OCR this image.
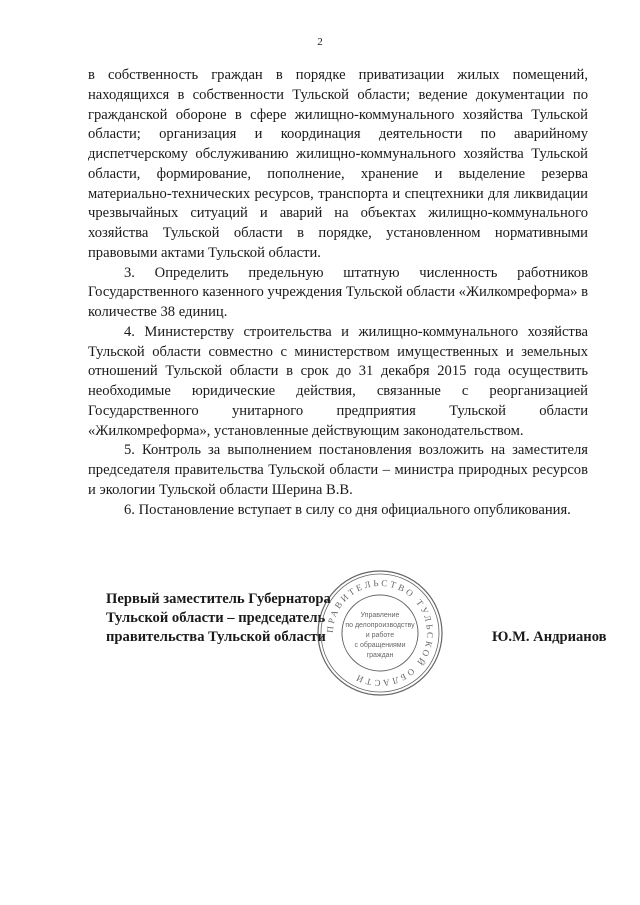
2

в собственность граждан в порядке приватизации жилых помещений, находящихся в собственности Тульской области; ведение документации по гражданской обороне в сфере жилищно-коммунального хозяйства Тульской области; организация и координация деятельности по аварийному диспетчерскому обслуживанию жилищно-коммунального хозяйства Тульской области, формирование, пополнение, хранение и выделение резерва материально-технических ресурсов, транспорта и спецтехники для ликвидации чрезвычайных ситуаций и аварий на объектах жилищно-коммунального хозяйства Тульской области в порядке, установленном нормативными правовыми актами Тульской области.

3. Определить предельную штатную численность работников Государственного казенного учреждения Тульской области «Жилкомреформа» в количестве 38 единиц.

4. Министерству строительства и жилищно-коммунального хозяйства Тульской области совместно с министерством имущественных и земельных отношений Тульской области в срок до 31 декабря 2015 года осуществить необходимые юридические действия, связанные с реорганизацией Государственного унитарного предприятия Тульской области «Жилкомреформа», установленные действующим законодательством.

5. Контроль за выполнением постановления возложить на заместителя председателя правительства Тульской области – министра природных ресурсов и экологии Тульской области Шерина В.В.

6. Постановление вступает в силу со дня официального опубликования.

Первый заместитель Губернатора
Тульской области – председатель
правительства Тульской области	Ю.М. Андрианов
ПРАВИТЕЛЬСТВО ТУЛЬСКОЙ ОБЛАСТИ
Управление
по делопроизводству
и работе
с обращениями
граждан
